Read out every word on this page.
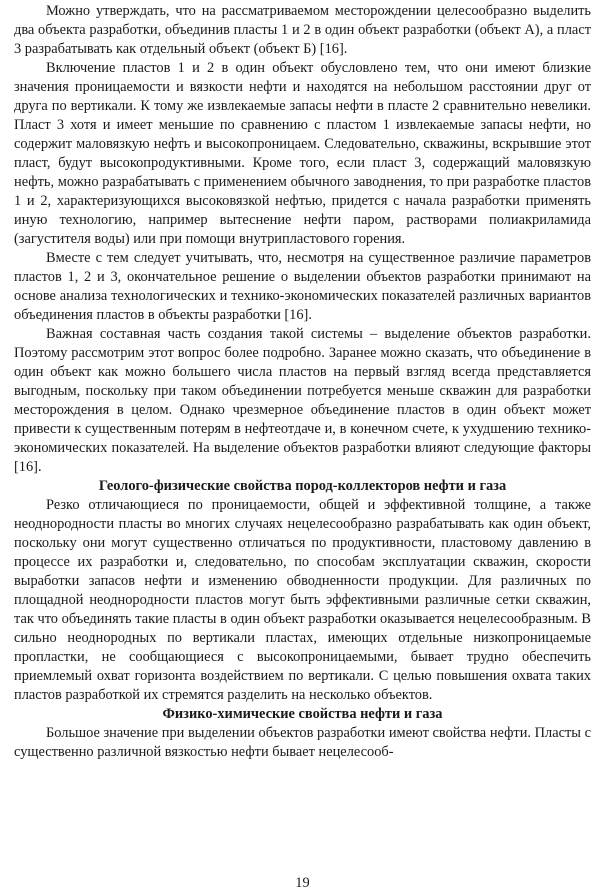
Можно утверждать, что на рассматриваемом месторождении целесообразно выделить два объекта разработки, объединив пласты 1 и 2 в один объект разработки (объект А), а пласт 3 разрабатывать как отдельный объект (объект Б) [16].

Включение пластов 1 и 2 в один объект обусловлено тем, что они имеют близкие значения проницаемости и вязкости нефти и находятся на небольшом расстоянии друг от друга по вертикали. К тому же извлекаемые запасы нефти в пласте 2 сравнительно невелики. Пласт 3 хотя и имеет меньшие по сравнению с пластом 1 извлекаемые запасы нефти, но содержит маловязкую нефть и высокопроницаем. Следовательно, скважины, вскрывшие этот пласт, будут высокопродуктивными. Кроме того, если пласт 3, содержащий маловязкую нефть, можно разрабатывать с применением обычного заводнения, то при разработке пластов 1 и 2, характеризующихся высоковязкой нефтью, придется с начала разработки применять иную технологию, например вытеснение нефти паром, растворами полиакриламида (загустителя воды) или при помощи внутрипластового горения.

Вместе с тем следует учитывать, что, несмотря на существенное различие параметров пластов 1, 2 и 3, окончательное решение о выделении объектов разработки принимают на основе анализа технологических и технико-экономических показателей различных вариантов объединения пластов в объекты разработки [16].

Важная составная часть создания такой системы – выделение объектов разработки. Поэтому рассмотрим этот вопрос более подробно. Заранее можно сказать, что объединение в один объект как можно большего числа пластов на первый взгляд всегда представляется выгодным, поскольку при таком объединении потребуется меньше скважин для разработки месторождения в целом. Однако чрезмерное объединение пластов в один объект может привести к существенным потерям в нефтеотдаче и, в конечном счете, к ухудшению технико-экономических показателей. На выделение объектов разработки влияют следующие факторы [16].

Геолого-физические свойства пород-коллекторов нефти и газа

Резко отличающиеся по проницаемости, общей и эффективной толщине, а также неоднородности пласты во многих случаях нецелесообразно разрабатывать как один объект, поскольку они могут существенно отличаться по продуктивности, пластовому давлению в процессе их разработки и, следовательно, по способам эксплуатации скважин, скорости выработки запасов нефти и изменению обводненности продукции. Для различных по площадной неоднородности пластов могут быть эффективными различные сетки скважин, так что объединять такие пласты в один объект разработки оказывается нецелесообразным. В сильно неоднородных по вертикали пластах, имеющих отдельные низкопроницаемые пропластки, не сообщающиеся с высокопроницаемыми, бывает трудно обеспечить приемлемый охват горизонта воздействием по вертикали. С целью повышения охвата таких пластов разработкой их стремятся разделить на несколько объектов.

Физико-химические свойства нефти и газа

Большое значение при выделении объектов разработки имеют свойства нефти. Пласты с существенно различной вязкостью нефти бывает нецелесооб-

19
